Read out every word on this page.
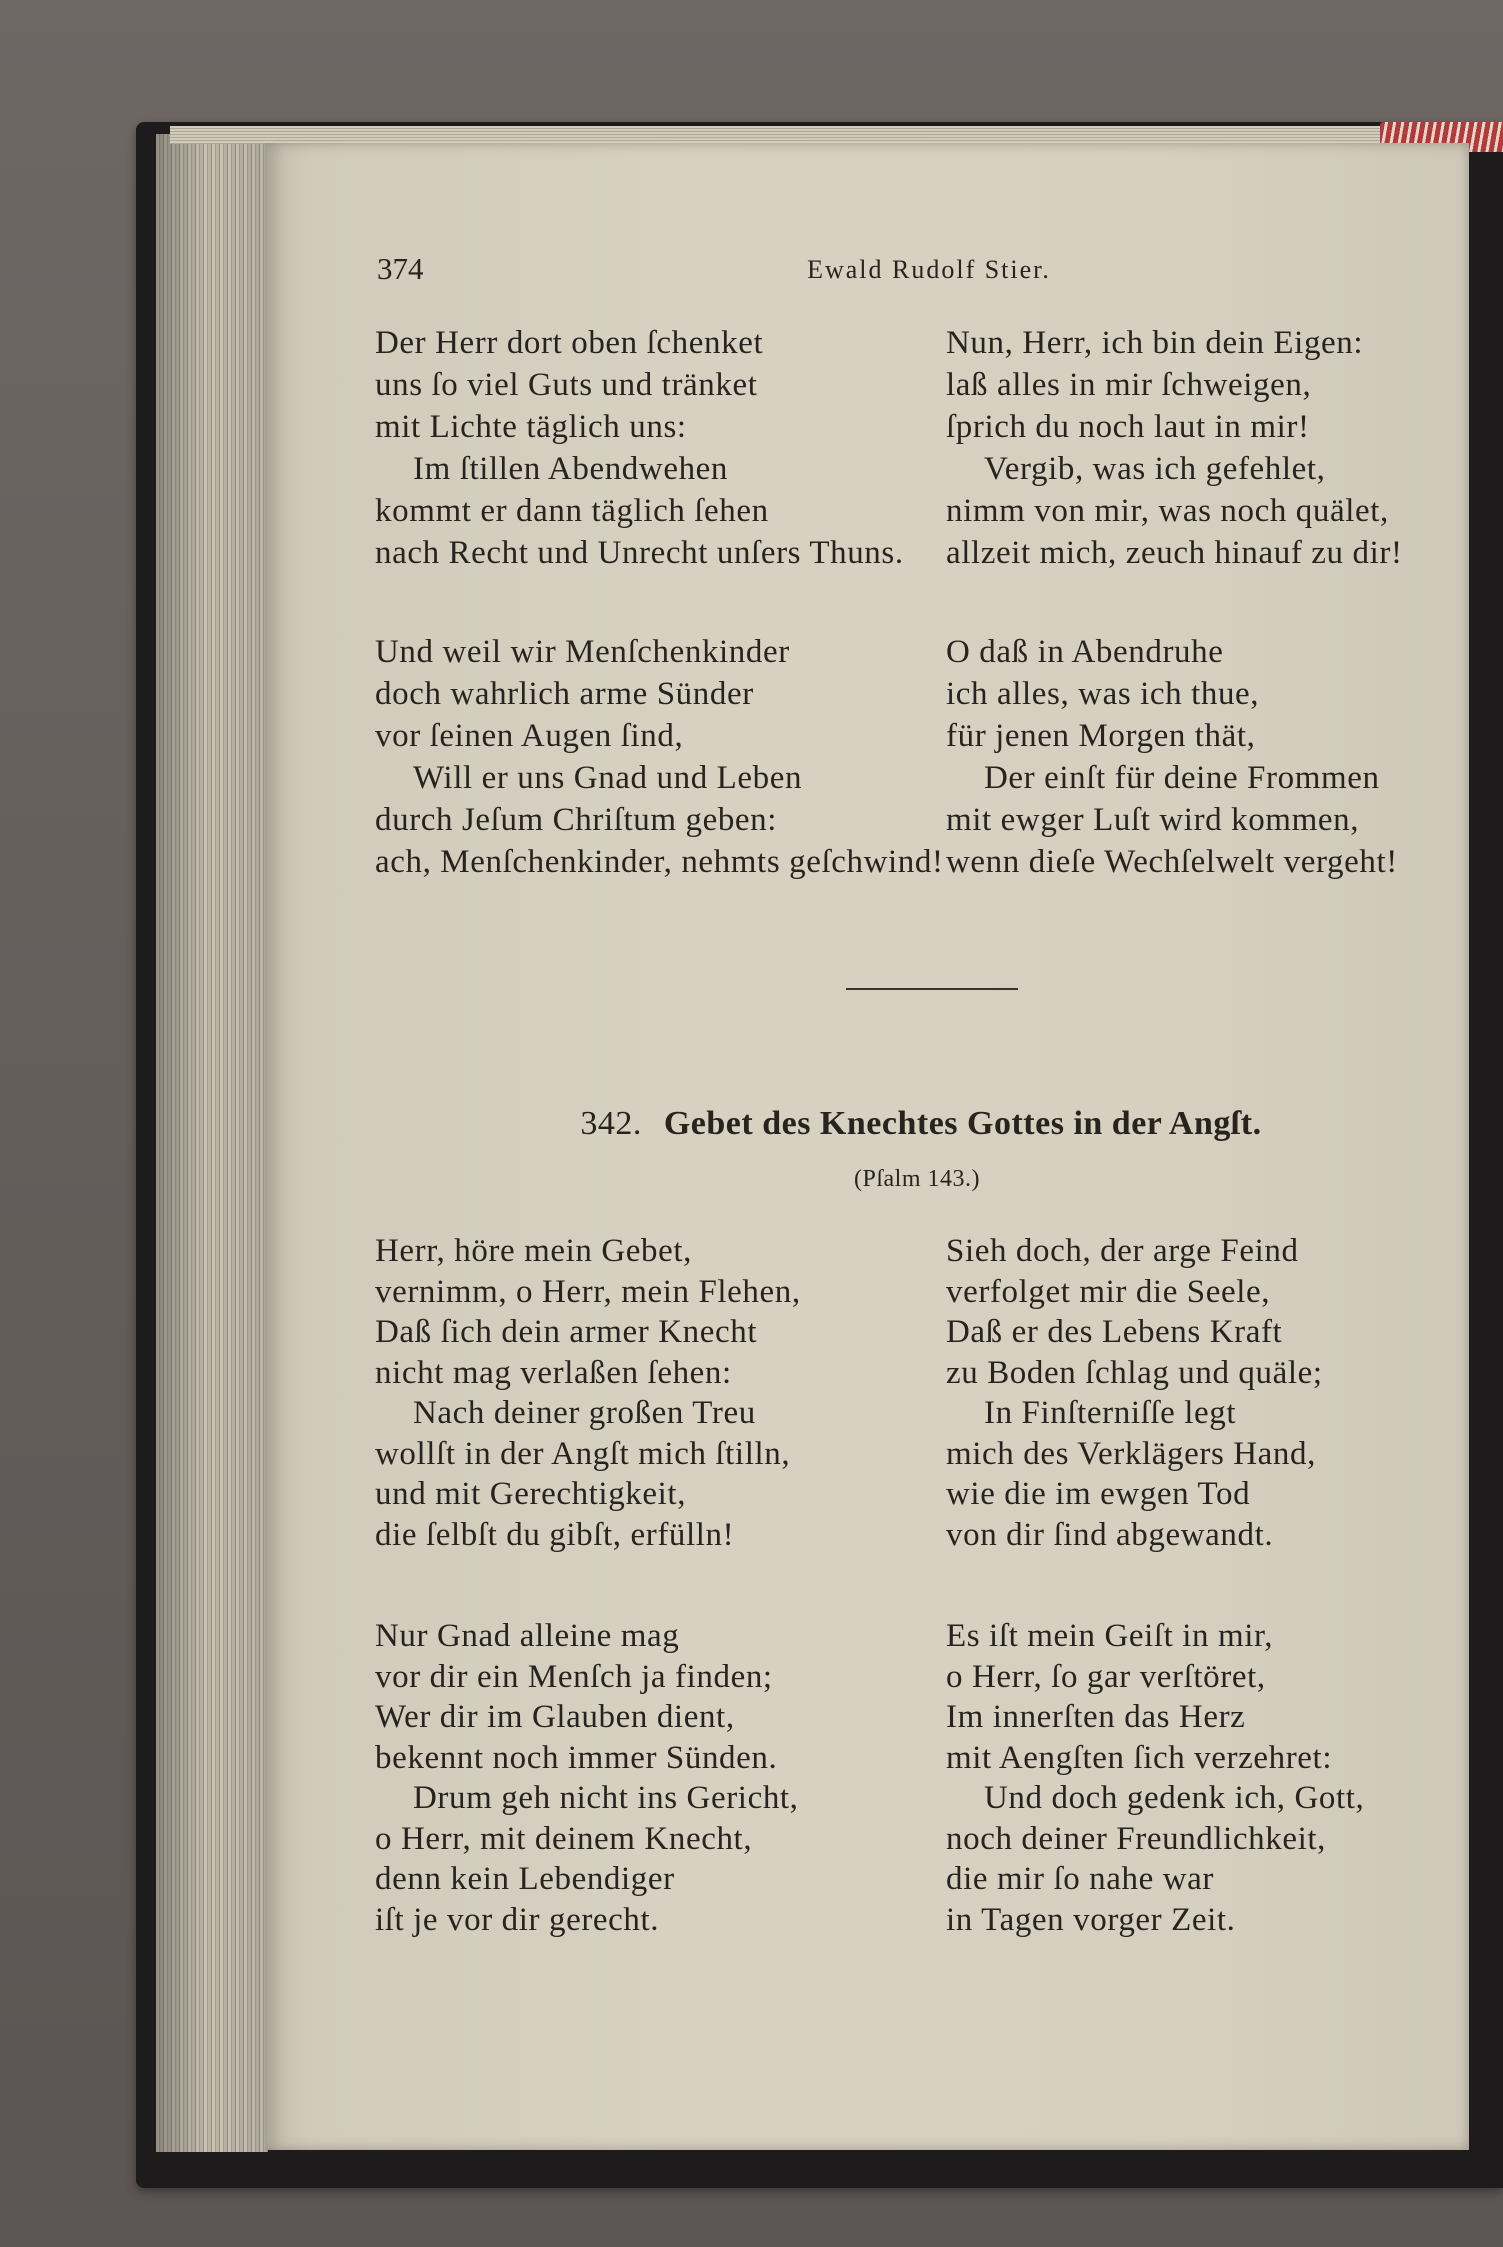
374	Ewald Rudolf Stier.
Der Herr dort oben ſchenket
uns ſo viel Guts und tränket
mit Lichte täglich uns:
Im ſtillen Abendwehen
kommt er dann täglich ſehen
nach Recht und Unrecht unſers Thuns.
Und weil wir Menſchenkinder
doch wahrlich arme Sünder
vor ſeinen Augen ſind,
Will er uns Gnad und Leben
durch Jeſum Chriſtum geben:
ach, Menſchenkinder, nehmts geſchwind!
Nun, Herr, ich bin dein Eigen:
laß alles in mir ſchweigen,
ſprich du noch laut in mir!
Vergib, was ich gefehlet,
nimm von mir, was noch quälet,
allzeit mich, zeuch hinauf zu dir!
O daß in Abendruhe
ich alles, was ich thue,
für jenen Morgen thät,
Der einſt für deine Frommen
mit ewger Luſt wird kommen,
wenn dieſe Wechſelwelt vergeht!
342. Gebet des Knechtes Gottes in der Angſt.
(Pſalm 143.)
Herr, höre mein Gebet,
vernimm, o Herr, mein Flehen,
Daß ſich dein armer Knecht
nicht mag verlaßen ſehen:
Nach deiner großen Treu
wollſt in der Angſt mich ſtilln,
und mit Gerechtigkeit,
die ſelbſt du gibſt, erfülln!
Nur Gnad alleine mag
vor dir ein Menſch ja finden;
Wer dir im Glauben dient,
bekennt noch immer Sünden.
Drum geh nicht ins Gericht,
o Herr, mit deinem Knecht,
denn kein Lebendiger
iſt je vor dir gerecht.
Sieh doch, der arge Feind
verfolget mir die Seele,
Daß er des Lebens Kraft
zu Boden ſchlag und quäle;
In Finſterniſſe legt
mich des Verklägers Hand,
wie die im ewgen Tod
von dir ſind abgewandt.
Es iſt mein Geiſt in mir,
o Herr, ſo gar verſtöret,
Im innerſten das Herz
mit Aengſten ſich verzehret:
Und doch gedenk ich, Gott,
noch deiner Freundlichkeit,
die mir ſo nahe war
in Tagen vorger Zeit.
